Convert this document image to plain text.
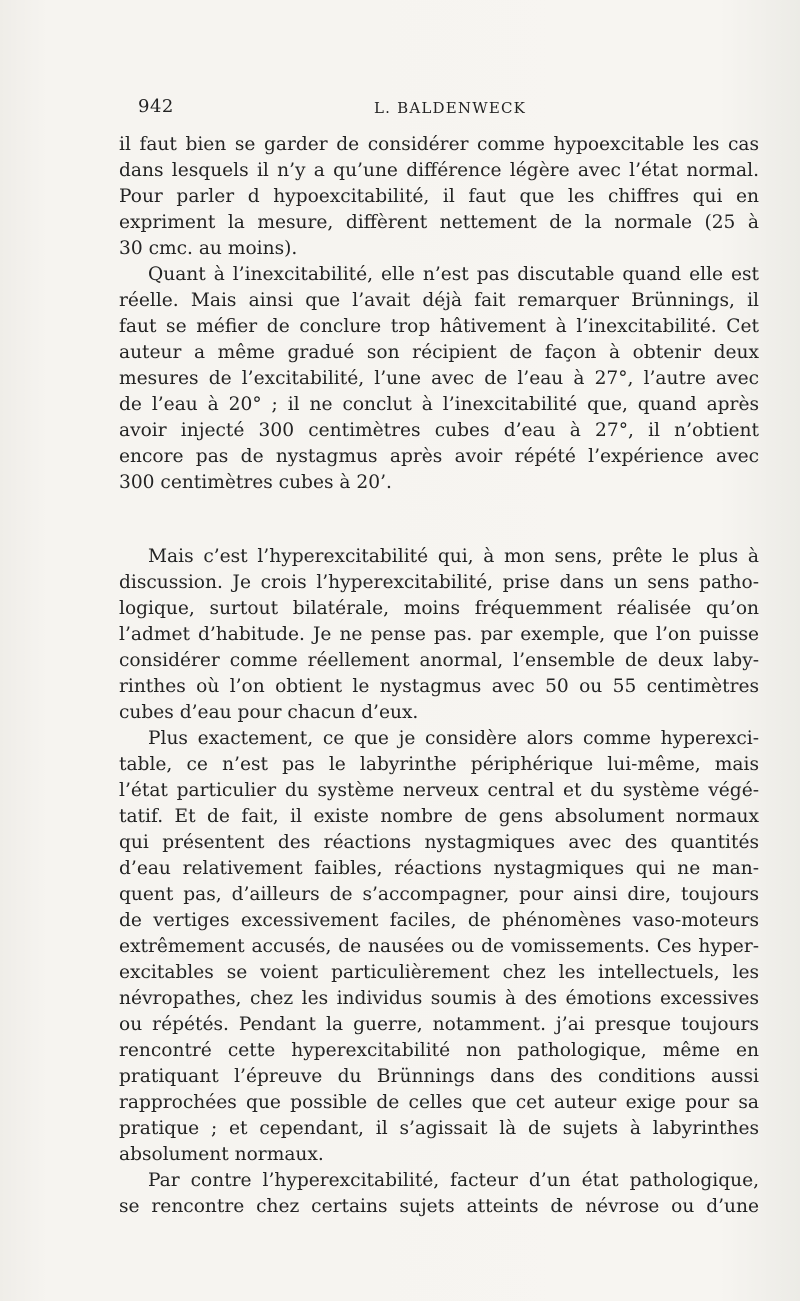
942	L. BALDENWECK
il faut bien se garder de considérer comme hypoexcitable les cas
dans lesquels il n’y a qu’une différence légère avec l’état normal.
Pour parler d hypoexcitabilité, il faut que les chiffres qui en
expriment la mesure, diffèrent nettement de la normale (25 à
30 cmc. au moins).
Quant à l’inexcitabilité, elle n’est pas discutable quand elle est
réelle. Mais ainsi que l’avait déjà fait remarquer Brünnings, il
faut se méfier de conclure trop hâtivement à l’inexcitabilité. Cet
auteur a même gradué son récipient de façon à obtenir deux
mesures de l’excitabilité, l’une avec de l’eau à 27°, l’autre avec
de l’eau à 20° ; il ne conclut à l’inexcitabilité que, quand après
avoir injecté 300 centimètres cubes d’eau à 27°, il n’obtient
encore pas de nystagmus après avoir répété l’expérience avec
300 centimètres cubes à 20’.
Mais c’est l’hyperexcitabilité qui, à mon sens, prête le plus à
discussion. Je crois l’hyperexcitabilité, prise dans un sens patho-
logique, surtout bilatérale, moins fréquemment réalisée qu’on
l’admet d’habitude. Je ne pense pas. par exemple, que l’on puisse
considérer comme réellement anormal, l’ensemble de deux laby-
rinthes où l’on obtient le nystagmus avec 50 ou 55 centimètres
cubes d’eau pour chacun d’eux.
Plus exactement, ce que je considère alors comme hyperexci-
table, ce n’est pas le labyrinthe périphérique lui-même, mais
l’état particulier du système nerveux central et du système végé-
tatif. Et de fait, il existe nombre de gens absolument normaux
qui présentent des réactions nystagmiques avec des quantités
d’eau relativement faibles, réactions nystagmiques qui ne man-
quent pas, d’ailleurs de s’accompagner, pour ainsi dire, toujours
de vertiges excessivement faciles, de phénomènes vaso-moteurs
extrêmement accusés, de nausées ou de vomissements. Ces hyper-
excitables se voient particulièrement chez les intellectuels, les
névropathes, chez les individus soumis à des émotions excessives
ou répétés. Pendant la guerre, notamment. j’ai presque toujours
rencontré cette hyperexcitabilité non pathologique, même en
pratiquant l’épreuve du Brünnings dans des conditions aussi
rapprochées que possible de celles que cet auteur exige pour sa
pratique ; et cependant, il s’agissait là de sujets à labyrinthes
absolument normaux.
Par contre l’hyperexcitabilité, facteur d’un état pathologique,
se rencontre chez certains sujets atteints de névrose ou d’une
